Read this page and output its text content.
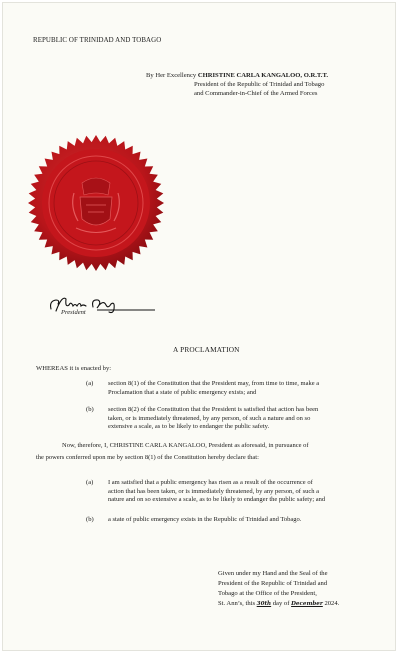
REPUBLIC OF TRINIDAD AND TOBAGO
By Her Excellency CHRISTINE CARLA KANGALOO, O.R.T.T.
President of the Republic of Trinidad and Tobago
and Commander-in-Chief of the Armed Forces
President
A PROCLAMATION
WHEREAS it is enacted by:
(a) section 8(1) of the Constitution that the President may, from time to time, make a
Proclamation that a state of public emergency exists; and
(b) section 8(2) of the Constitution that the President is satisfied that action has been
taken, or is immediately threatened, by any person, of such a nature and on so
extensive a scale, as to be likely to endanger the public safety.
Now, therefore, I, CHRISTINE CARLA KANGALOO, President as aforesaid, in pursuance of
the powers conferred upon me by section 8(1) of the Constitution hereby declare that:
(a) I am satisfied that a public emergency has risen as a result of the occurrence of
action that has been taken, or is immediately threatened, by any person, of such a
nature and on so extensive a scale, as to be likely to endanger the public safety; and
(b) a state of public emergency exists in the Republic of Trinidad and Tobago.
Given under my Hand and the Seal of the
President of the Republic of Trinidad and
Tobago at the Office of the President,
St. Ann’s, this 30th day of December 2024.
